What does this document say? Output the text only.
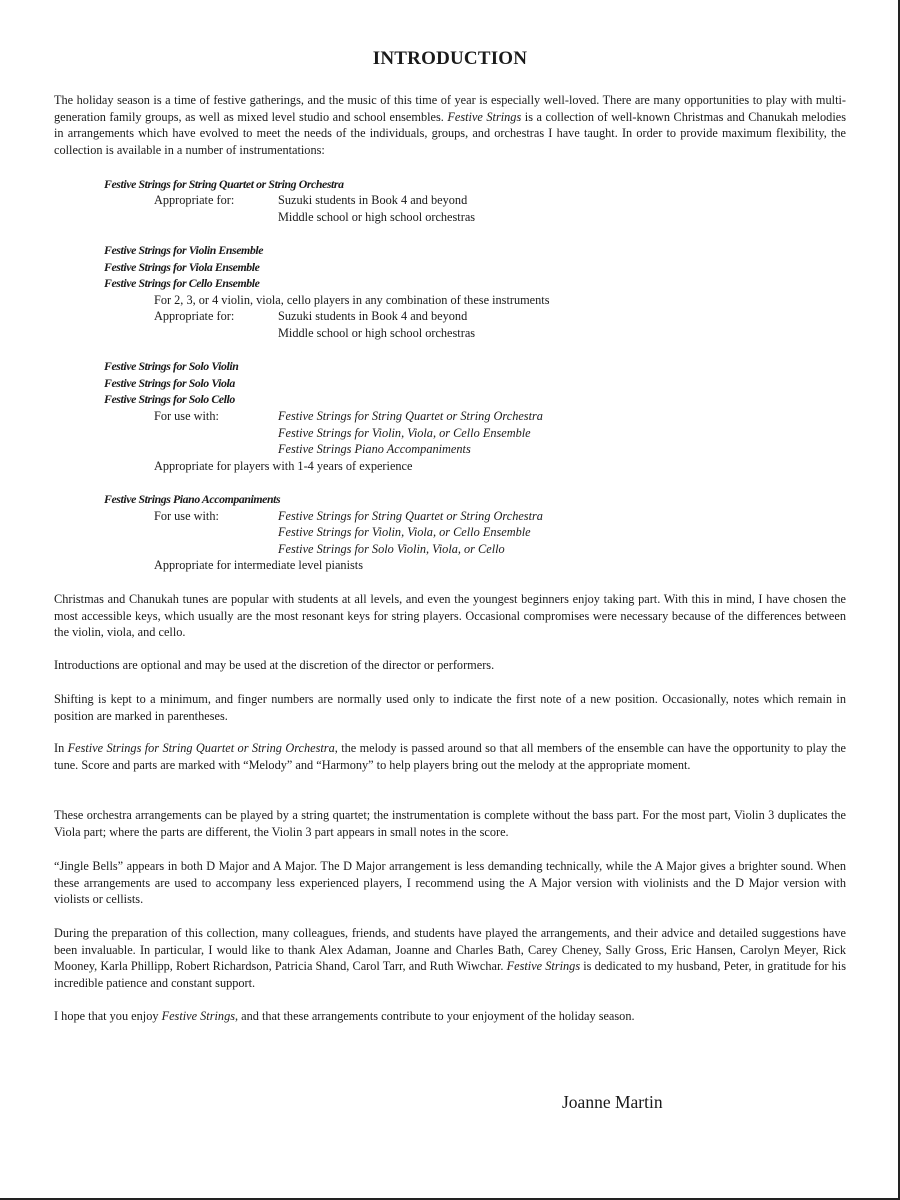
INTRODUCTION
The holiday season is a time of festive gatherings, and the music of this time of year is especially well-loved. There are many opportunities to play with multi-generation family groups, as well as mixed level studio and school ensembles. Festive Strings is a collection of well-known Christmas and Chanukah melodies in arrangements which have evolved to meet the needs of the individuals, groups, and orchestras I have taught. In order to provide maximum flexibility, the collection is available in a number of instrumentations:
Festive Strings for String Quartet or String Orchestra
Appropriate for:	Suzuki students in Book 4 and beyond
Middle school or high school orchestras
Festive Strings for Violin Ensemble
Festive Strings for Viola Ensemble
Festive Strings for Cello Ensemble
For 2, 3, or 4 violin, viola, cello players in any combination of these instruments
Appropriate for:	Suzuki students in Book 4 and beyond
Middle school or high school orchestras
Festive Strings for Solo Violin
Festive Strings for Solo Viola
Festive Strings for Solo Cello
For use with:	Festive Strings for String Quartet or String Orchestra
Festive Strings for Violin, Viola, or Cello Ensemble
Festive Strings Piano Accompaniments
Appropriate for players with 1-4 years of experience
Festive Strings Piano Accompaniments
For use with:	Festive Strings for String Quartet or String Orchestra
Festive Strings for Violin, Viola, or Cello Ensemble
Festive Strings for Solo Violin, Viola, or Cello
Appropriate for intermediate level pianists
Christmas and Chanukah tunes are popular with students at all levels, and even the youngest beginners enjoy taking part. With this in mind, I have chosen the most accessible keys, which usually are the most resonant keys for string players. Occasional compromises were necessary because of the differences between the violin, viola, and cello.
Introductions are optional and may be used at the discretion of the director or performers.
Shifting is kept to a minimum, and finger numbers are normally used only to indicate the first note of a new position. Occasionally, notes which remain in position are marked in parentheses.
In Festive Strings for String Quartet or String Orchestra, the melody is passed around so that all members of the ensemble can have the opportunity to play the tune. Score and parts are marked with “Melody” and “Harmony” to help players bring out the melody at the appropriate moment.
These orchestra arrangements can be played by a string quartet; the instrumentation is complete without the bass part. For the most part, Violin 3 duplicates the Viola part; where the parts are different, the Violin 3 part appears in small notes in the score.
“Jingle Bells” appears in both D Major and A Major. The D Major arrangement is less demanding technically, while the A Major gives a brighter sound. When these arrangements are used to accompany less experienced players, I recommend using the A Major version with violinists and the D Major version with violists or cellists.
During the preparation of this collection, many colleagues, friends, and students have played the arrangements, and their advice and detailed suggestions have been invaluable. In particular, I would like to thank Alex Adaman, Joanne and Charles Bath, Carey Cheney, Sally Gross, Eric Hansen, Carolyn Meyer, Rick Mooney, Karla Phillipp, Robert Richardson, Patricia Shand, Carol Tarr, and Ruth Wiwchar. Festive Strings is dedicated to my husband, Peter, in gratitude for his incredible patience and constant support.
I hope that you enjoy Festive Strings, and that these arrangements contribute to your enjoyment of the holiday season.
Joanne Martin
